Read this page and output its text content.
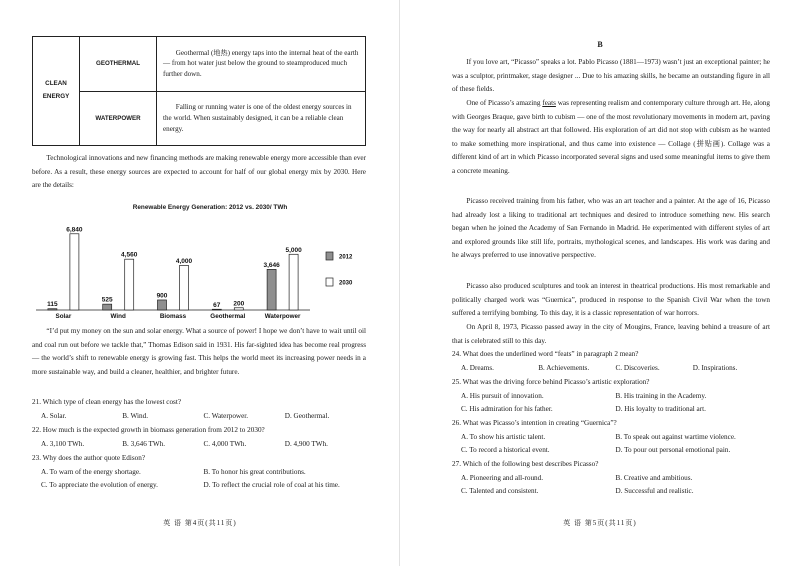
CLEAN
ENERGY
GEOTHERMAL
Geothermal (地热) energy taps into the internal heat of the earth — from hot water just below the ground to steamproduced much further down.
WATERPOWER
Falling or running water is one of the oldest energy sources in the world. When sustainably designed, it can be a reliable clean energy.

Technological innovations and new financing methods are making renewable energy more accessible than ever before. As a result, these energy sources are expected to account for half of our global energy mix by 2030. Here are the details:

Renewable Energy Generation: 2012 vs. 2030/ TWh
115
6,840
Solar
525
4,560
Wind
900
4,000
Biomass
67 200
Geothermal
3,646
5,000
Waterpower
2012
2030

“I’d put my money on the sun and solar energy. What a source of power! I hope we don’t have to wait until oil and coal run out before we tackle that,” Thomas Edison said in 1931. His far-sighted idea has become real progress — the world’s shift to renewable energy is growing fast. This helps the world meet its increasing power needs in a more sustainable way, and build a cleaner, healthier, and brighter future.

21. Which type of clean energy has the lowest cost?
A. Solar.	B. Wind.	C. Waterpower.	D. Geothermal.
22. How much is the expected growth in biomass generation from 2012 to 2030?
A. 3,100 TWh.	B. 3,646 TWh.	C. 4,000 TWh.	D. 4,900 TWh.
23. Why does the author quote Edison?
A. To warn of the energy shortage.	B. To honor his great contributions.
C. To appreciate the evolution of energy.	D. To reflect the crucial role of coal at his time.
英 语 第4页(共11页)
B
英 语 第5页(共11页)

If you love art, “Picasso” speaks a lot. Pablo Picasso (1881—1973) wasn’t just an exceptional painter; he was a sculptor, printmaker, stage designer ... Due to his amazing skills, he became an outstanding figure in all of these fields.

One of Picasso’s amazing feats was representing realism and contemporary culture through art. He, along with Georges Braque, gave birth to cubism — one of the most revolutionary movements in modern art, paving the way for nearly all abstract art that followed. His exploration of art did not stop with cubism as he wanted to make something more inspirational, and thus came into existence — Collage (拼贴画). Collage was a different kind of art in which Picasso incorporated several signs and used some meaningful items to give them a concrete meaning.

Picasso received training from his father, who was an art teacher and a painter. At the age of 16, Picasso had already lost a liking to traditional art techniques and desired to introduce something new. His search began when he joined the Academy of San Fernando in Madrid. He experimented with different styles of art and explored grounds like still life, portraits, mythological scenes, and landscapes. His work was daring and he always preferred to use innovative perspective.

Picasso also produced sculptures and took an interest in theatrical productions. His most remarkable and politically charged work was “Guernica”, produced in response to the Spanish Civil War when the town suffered a terrifying bombing. To this day, it is a classic representation of war horrors.

On April 8, 1973, Picasso passed away in the city of Mougins, France, leaving behind a treasure of art that is celebrated still to this day.

24. What does the underlined word “feats” in paragraph 2 mean?
A. Dreams.	B. Achievements.	C. Discoveries.	D. Inspirations.
25. What was the driving force behind Picasso’s artistic exploration?
A. His pursuit of innovation.	B. His training in the Academy.
C. His admiration for his father.	D. His loyalty to traditional art.
26. What was Picasso’s intention in creating “Guernica”?
A. To show his artistic talent.	B. To speak out against wartime violence.
C. To record a historical event.	D. To pour out personal emotional pain.
27. Which of the following best describes Picasso?
A. Pioneering and all-round.	B. Creative and ambitious.
C. Talented and consistent.	D. Successful and realistic.
